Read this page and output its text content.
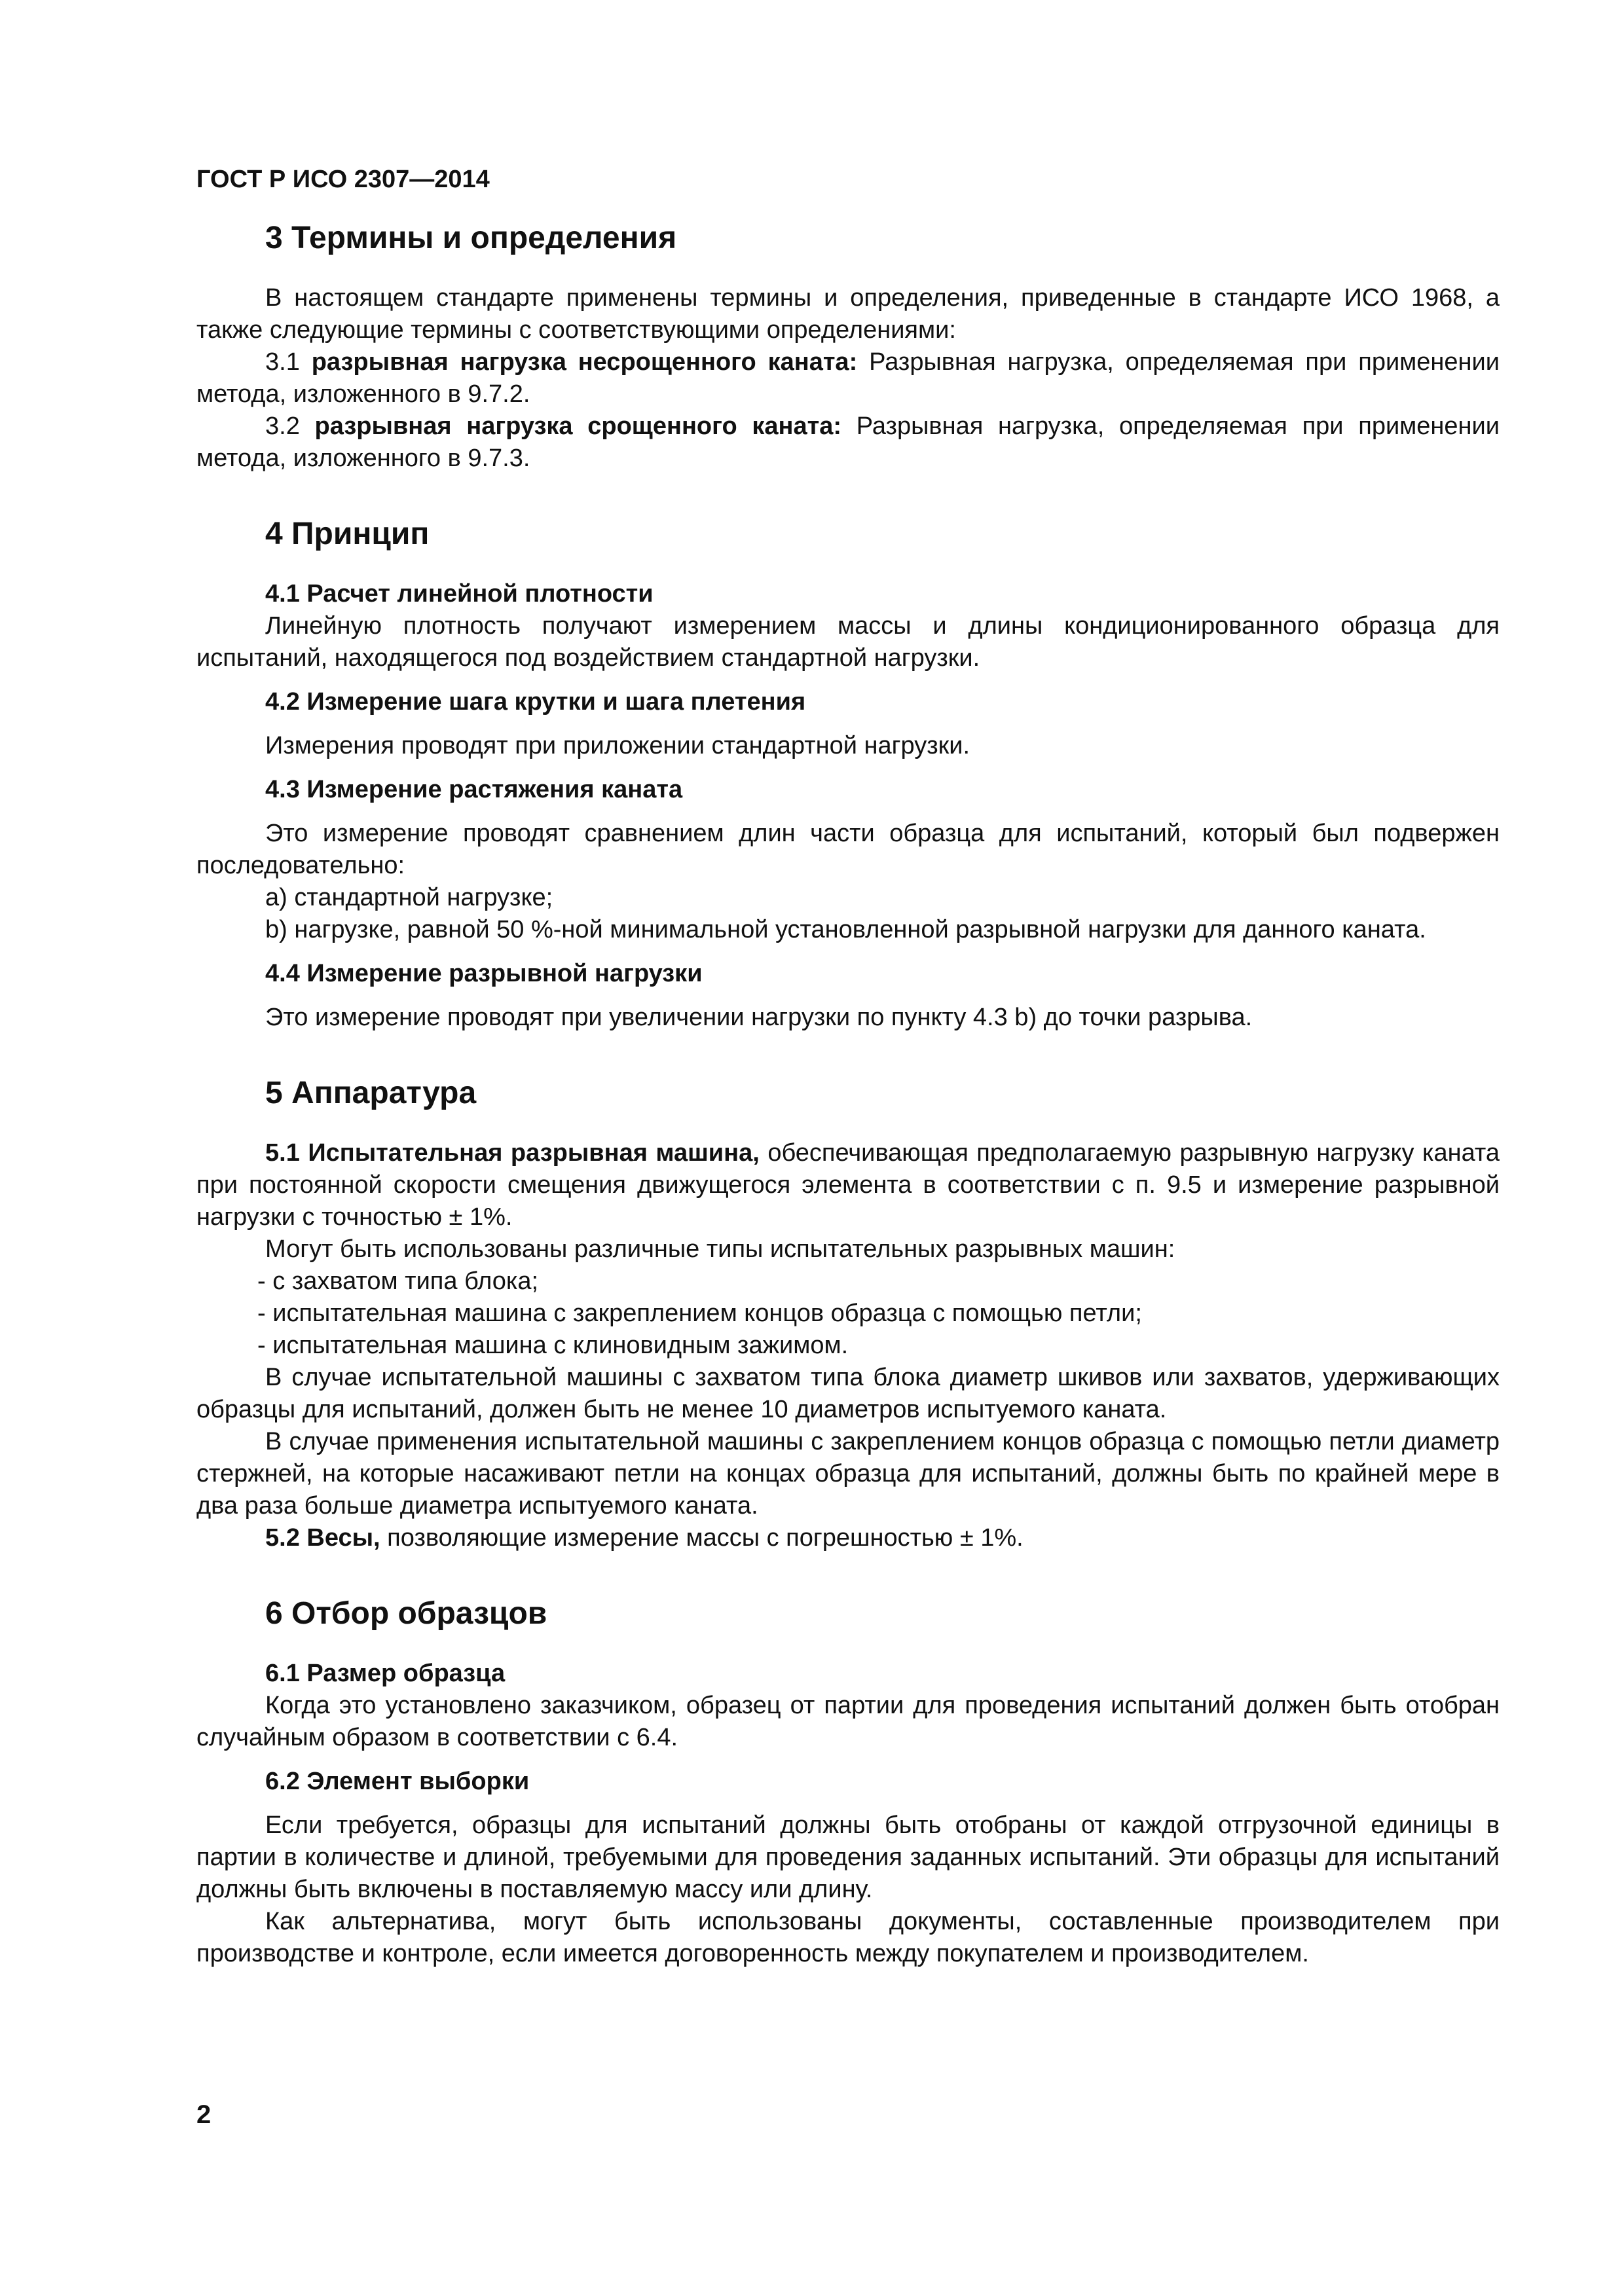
ГОСТ Р ИСО 2307—2014
3 Термины и определения

В настоящем стандарте применены термины и определения, приведенные в стандарте ИСО 1968, а также следующие термины с соответствующими определениями:

3.1 разрывная нагрузка несрощенного каната: Разрывная нагрузка, определяемая при применении метода, изложенного в 9.7.2.

3.2 разрывная нагрузка срощенного каната: Разрывная нагрузка, определяемая при применении метода, изложенного в 9.7.3.

4 Принцип
4.1 Расчет линейной плотности

Линейную плотность получают измерением массы и длины кондиционированного образца для испытаний, находящегося под воздействием стандартной нагрузки.

4.2 Измерение шага крутки и шага плетения

Измерения проводят при приложении стандартной нагрузки.

4.3 Измерение растяжения каната

Это измерение проводят сравнением длин части образца для испытаний, который был подвержен последовательно:

а) стандартной нагрузке;

b) нагрузке, равной 50 %-ной минимальной установленной разрывной нагрузки для данного каната.

4.4 Измерение разрывной нагрузки

Это измерение проводят при увеличении нагрузки по пункту 4.3 b) до точки разрыва.

5 Аппаратура

5.1 Испытательная разрывная машина, обеспечивающая предполагаемую разрывную нагрузку каната при постоянной скорости смещения движущегося элемента в соответствии с п. 9.5 и измерение разрывной нагрузки с точностью ± 1%.

Могут быть использованы различные типы испытательных разрывных машин:

- с захватом типа блока;

- испытательная машина с закреплением концов образца с помощью петли;

- испытательная машина с клиновидным зажимом.

В случае испытательной машины с захватом типа блока диаметр шкивов или захватов, удерживающих образцы для испытаний, должен быть не менее 10 диаметров испытуемого каната.

В случае применения испытательной машины с закреплением концов образца с помощью петли диаметр стержней, на которые насаживают петли на концах образца для испытаний, должны быть по крайней мере в два раза больше диаметра испытуемого каната.

5.2 Весы, позволяющие измерение массы с погрешностью ± 1%.

6 Отбор образцов
6.1 Размер образца

Когда это установлено заказчиком, образец от партии для проведения испытаний должен быть отобран случайным образом в соответствии с 6.4.

6.2 Элемент выборки

Если требуется, образцы для испытаний должны быть отобраны от каждой отгрузочной единицы в партии в количестве и длиной, требуемыми для проведения заданных испытаний. Эти образцы для испытаний должны быть включены в поставляемую массу или длину.

Как альтернатива, могут быть использованы документы, составленные производителем при производстве и контроле, если имеется договоренность между покупателем и производителем.

2
